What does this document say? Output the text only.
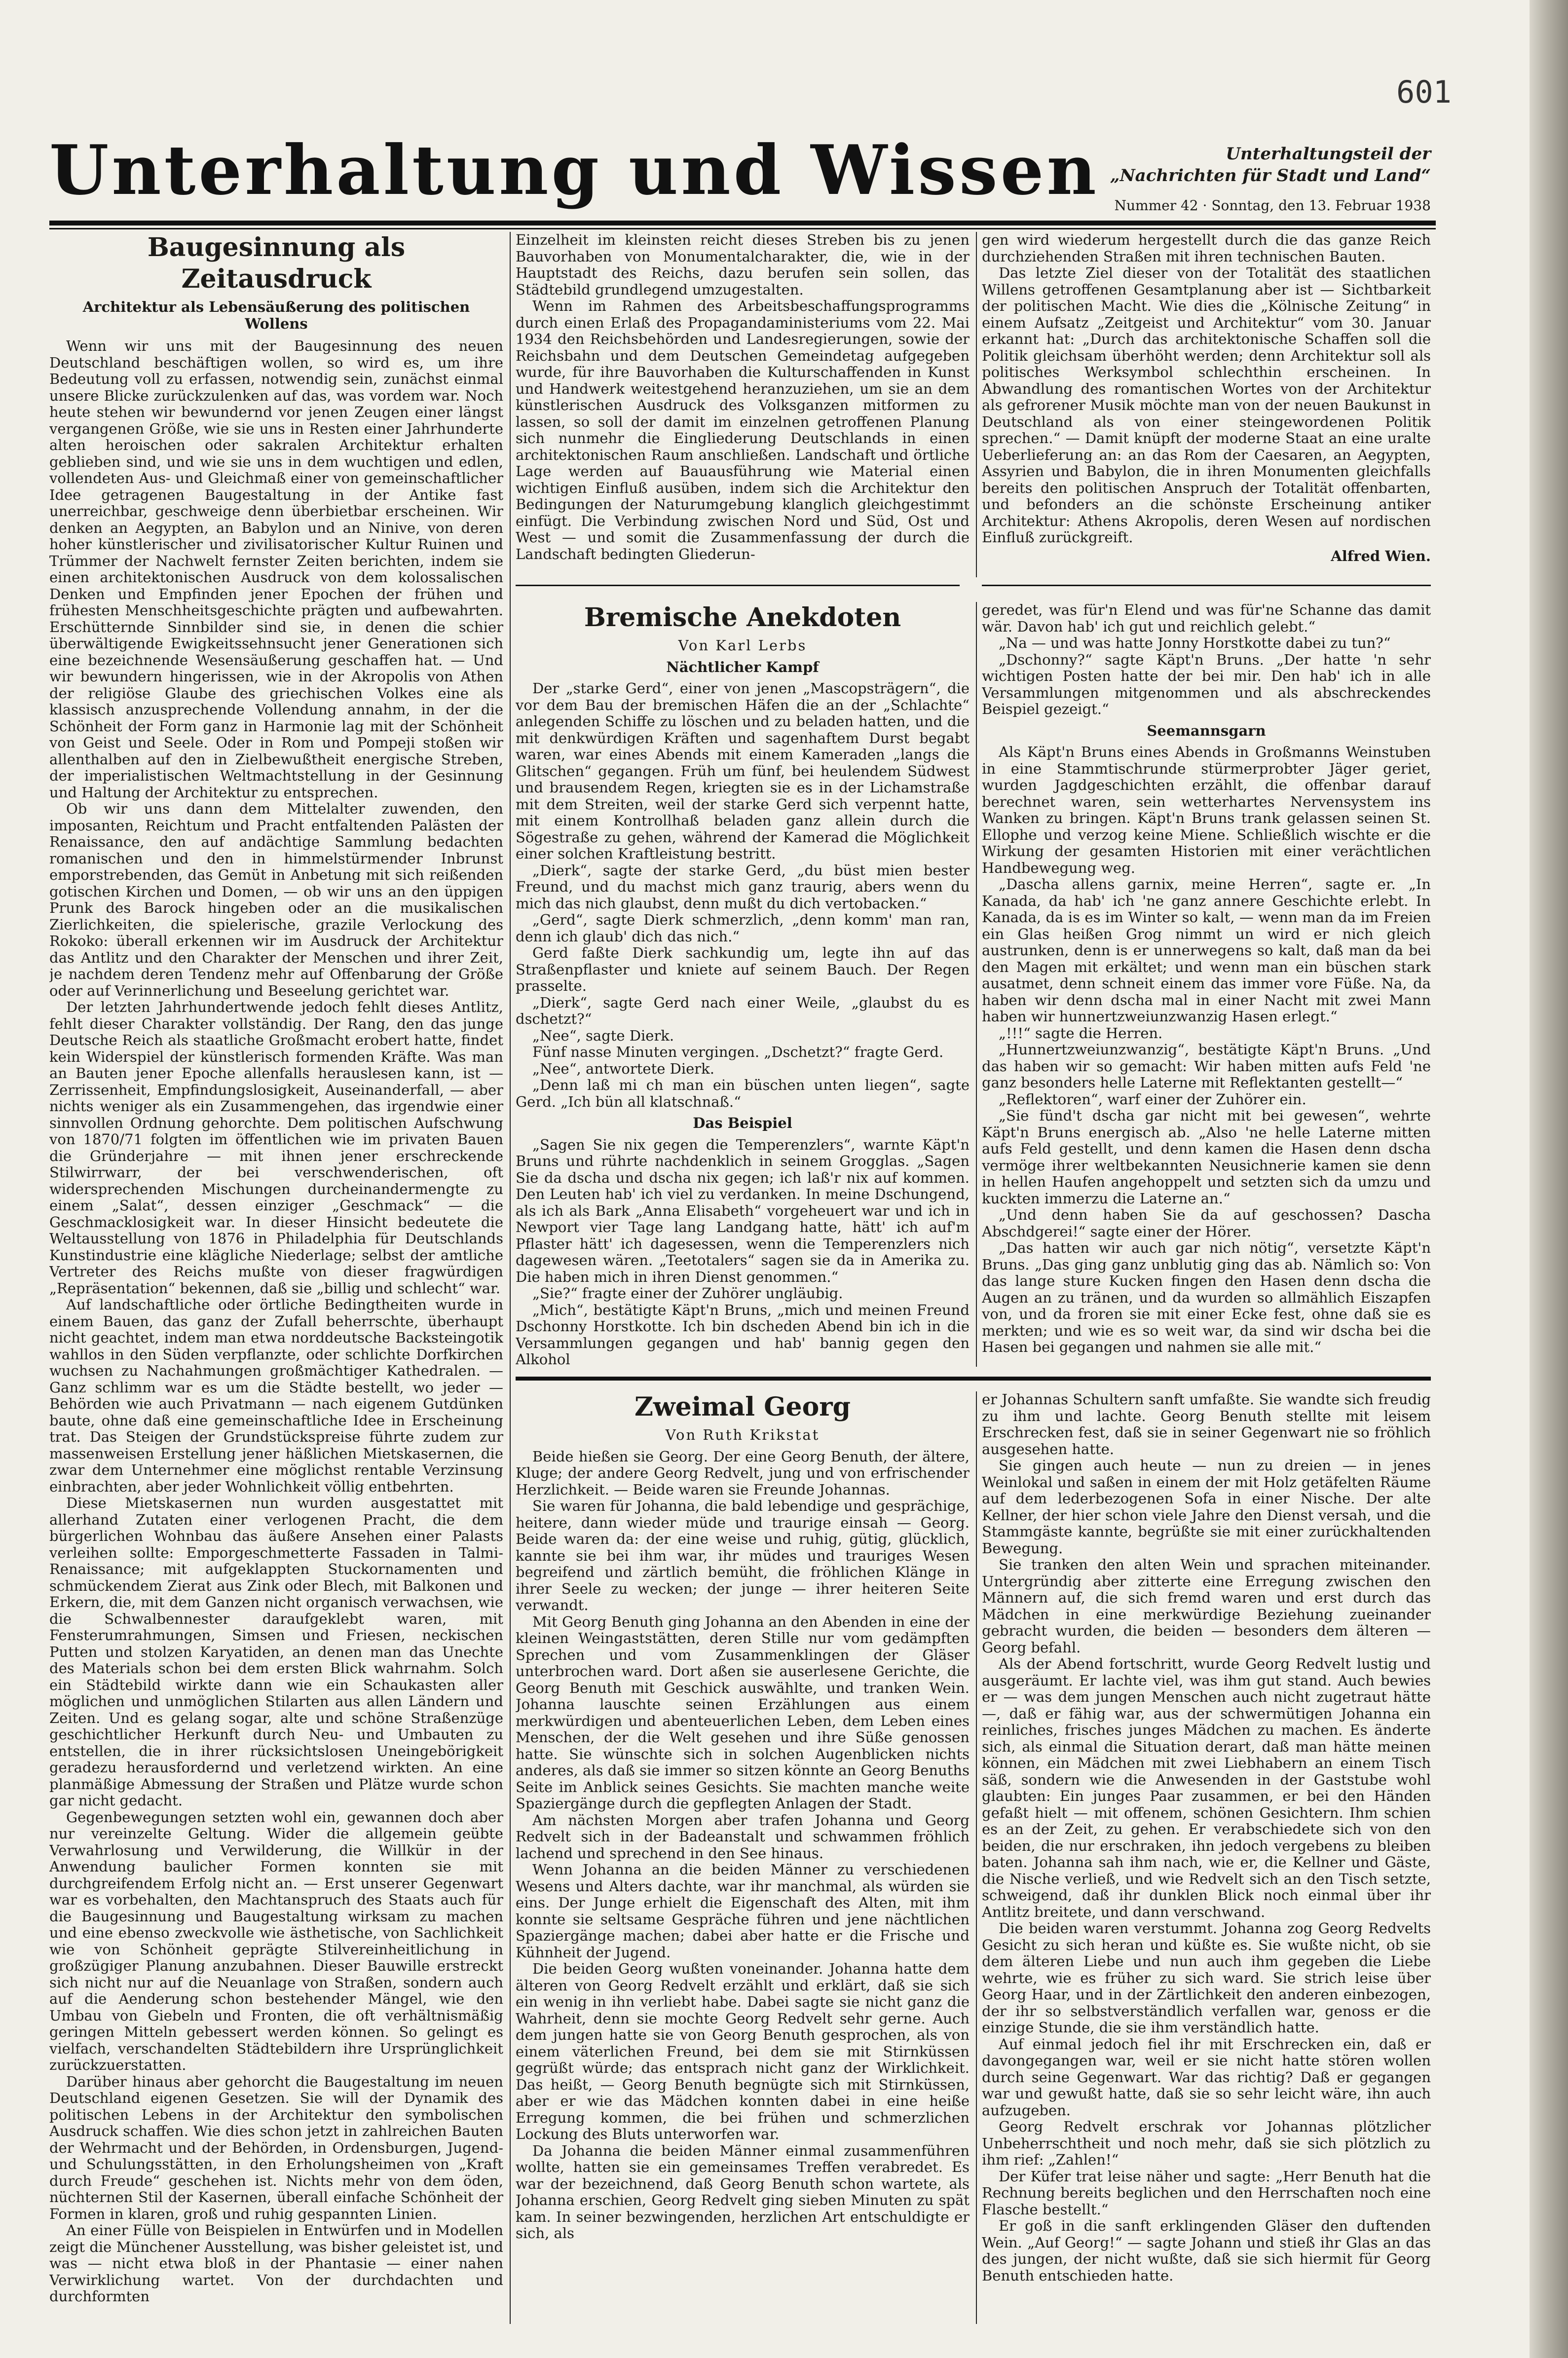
601
Unterhaltung und Wissen	Unterhaltungsteil der
„Nachrichten für Stadt und Land“
Nummer 42 · Sonntag, den 13. Februar 1938
Baugesinnung als Zeitausdruck
Architektur als Lebensäußerung des politischen Wollens

Wenn wir uns mit der Baugesinnung des neuen Deutschland beschäftigen wollen, so wird es, um ihre Bedeutung voll zu erfassen, notwendig sein, zunächst einmal unsere Blicke zurückzulenken auf das, was vordem war. Noch heute stehen wir bewundernd vor jenen Zeugen einer längst vergangenen Größe, wie sie uns in Resten einer Jahrhunderte alten heroischen oder sakralen Architektur erhalten geblieben sind, und wie sie uns in dem wuchtigen und edlen, vollendeten Aus- und Gleichmaß einer von gemeinschaftlicher Idee getragenen Baugestaltung in der Antike fast unerreichbar, geschweige denn überbietbar erscheinen. Wir denken an Aegypten, an Babylon und an Ninive, von deren hoher künstlerischer und zivilisatorischer Kultur Ruinen und Trümmer der Nachwelt fernster Zeiten berichten, indem sie einen architektonischen Ausdruck von dem kolossalischen Denken und Empfinden jener Epochen der frühen und frühesten Menschheitsgeschichte prägten und aufbewahrten. Erschütternde Sinnbilder sind sie, in denen die schier überwältigende Ewigkeitssehnsucht jener Generationen sich eine bezeichnende Wesensäußerung geschaffen hat. — Und wir bewundern hingerissen, wie in der Akropolis von Athen der religiöse Glaube des griechischen Volkes eine als klassisch anzusprechende Vollendung annahm, in der die Schönheit der Form ganz in Harmonie lag mit der Schönheit von Geist und Seele. Oder in Rom und Pompeji stoßen wir allenthalben auf den in Zielbewußtheit energische Streben, der imperialistischen Weltmachtstellung in der Gesinnung und Haltung der Architektur zu entsprechen.

Ob wir uns dann dem Mittelalter zuwenden, den imposanten, Reichtum und Pracht entfaltenden Palästen der Renaissance, den auf andächtige Sammlung bedachten romanischen und den in himmelstürmender Inbrunst emporstrebenden, das Gemüt in Anbetung mit sich reißenden gotischen Kirchen und Domen, — ob wir uns an den üppigen Prunk des Barock hingeben oder an die musikalischen Zierlichkeiten, die spielerische, grazile Verlockung des Rokoko: überall erkennen wir im Ausdruck der Architektur das Antlitz und den Charakter der Menschen und ihrer Zeit, je nachdem deren Tendenz mehr auf Offenbarung der Größe oder auf Verinnerlichung und Beseelung gerichtet war.

Der letzten Jahrhundertwende jedoch fehlt dieses Antlitz, fehlt dieser Charakter vollständig. Der Rang, den das junge Deutsche Reich als staatliche Großmacht erobert hatte, findet kein Widerspiel der künstlerisch formenden Kräfte. Was man an Bauten jener Epoche allenfalls herauslesen kann, ist — Zerrissenheit, Empfindungslosigkeit, Auseinanderfall, — aber nichts weniger als ein Zusammengehen, das irgendwie einer sinnvollen Ordnung gehorchte. Dem politischen Aufschwung von 1870/71 folgten im öffentlichen wie im privaten Bauen die Gründerjahre — mit ihnen jener erschreckende Stilwirrwarr, der bei verschwenderischen, oft widersprechenden Mischungen durcheinandermengte zu einem „Salat“, dessen einziger „Geschmack“ — die Geschmacklosigkeit war. In dieser Hinsicht bedeutete die Weltausstellung von 1876 in Philadelphia für Deutschlands Kunstindustrie eine klägliche Niederlage; selbst der amtliche Vertreter des Reichs mußte von dieser fragwürdigen „Repräsentation“ bekennen, daß sie „billig und schlecht“ war.

Auf landschaftliche oder örtliche Bedingtheiten wurde in einem Bauen, das ganz der Zufall beherrschte, überhaupt nicht geachtet, indem man etwa norddeutsche Backsteingotik wahllos in den Süden verpflanzte, oder schlichte Dorfkirchen wuchsen zu Nachahmungen großmächtiger Kathedralen. — Ganz schlimm war es um die Städte bestellt, wo jeder — Behörden wie auch Privatmann — nach eigenem Gutdünken baute, ohne daß eine gemeinschaftliche Idee in Erscheinung trat. Das Steigen der Grundstückspreise führte zudem zur massenweisen Erstellung jener häßlichen Mietskasernen, die zwar dem Unternehmer eine möglichst rentable Verzinsung einbrachten, aber jeder Wohnlichkeit völlig entbehrten.

Diese Mietskasernen nun wurden ausgestattet mit allerhand Zutaten einer verlogenen Pracht, die dem bürgerlichen Wohnbau das äußere Ansehen einer Palasts verleihen sollte: Emporgeschmetterte Fassaden in Talmi-Renaissance; mit aufgeklappten Stuckornamenten und schmückendem Zierat aus Zink oder Blech, mit Balkonen und Erkern, die, mit dem Ganzen nicht organisch verwachsen, wie die Schwalbennester daraufgeklebt waren, mit Fensterumrahmungen, Simsen und Friesen, neckischen Putten und stolzen Karyatiden, an denen man das Unechte des Materials schon bei dem ersten Blick wahrnahm. Solch ein Städtebild wirkte dann wie ein Schaukasten aller möglichen und unmöglichen Stilarten aus allen Ländern und Zeiten. Und es gelang sogar, alte und schöne Straßenzüge geschichtlicher Herkunft durch Neu- und Umbauten zu entstellen, die in ihrer rücksichtslosen Uneingebörigkeit geradezu herausfordernd und verletzend wirkten. An eine planmäßige Abmessung der Straßen und Plätze wurde schon gar nicht gedacht.

Gegenbewegungen setzten wohl ein, gewannen doch aber nur vereinzelte Geltung. Wider die allgemein geübte Verwahrlosung und Verwilderung, die Willkür in der Anwendung baulicher Formen konnten sie mit durchgreifendem Erfolg nicht an. — Erst unserer Gegenwart war es vorbehalten, den Machtanspruch des Staats auch für die Baugesinnung und Baugestaltung wirksam zu machen und eine ebenso zweckvolle wie ästhetische, von Sachlichkeit wie von Schönheit geprägte Stilvereinheitlichung in großzügiger Planung anzubahnen. Dieser Bauwille erstreckt sich nicht nur auf die Neuanlage von Straßen, sondern auch auf die Aenderung schon bestehender Mängel, wie den Umbau von Giebeln und Fronten, die oft verhältnismäßig geringen Mitteln gebessert werden können. So gelingt es vielfach, verschandelten Städtebildern ihre Ursprünglichkeit zurückzuerstatten.

Darüber hinaus aber gehorcht die Baugestaltung im neuen Deutschland eigenen Gesetzen. Sie will der Dynamik des politischen Lebens in der Architektur den symbolischen Ausdruck schaffen. Wie dies schon jetzt in zahlreichen Bauten der Wehrmacht und der Behörden, in Ordensburgen, Jugend- und Schulungsstätten, in den Erholungsheimen von „Kraft durch Freude“ geschehen ist. Nichts mehr von dem öden, nüchternen Stil der Kasernen, überall einfache Schönheit der Formen in klaren, groß und ruhig gespannten Linien.

An einer Fülle von Beispielen in Entwürfen und in Modellen zeigt die Münchener Ausstellung, was bisher geleistet ist, und was — nicht etwa bloß in der Phantasie — einer nahen Verwirklichung wartet. Von der durchdachten und durchformten

Einzelheit im kleinsten reicht dieses Streben bis zu jenen Bauvorhaben von Monumentalcharakter, die, wie in der Hauptstadt des Reichs, dazu berufen sein sollen, das Städtebild grundlegend umzugestalten.

Wenn im Rahmen des Arbeitsbeschaffungsprogramms durch einen Erlaß des Propagandaministeriums vom 22. Mai 1934 den Reichsbehörden und Landesregierungen, sowie der Reichsbahn und dem Deutschen Gemeindetag aufgegeben wurde, für ihre Bauvorhaben die Kulturschaffenden in Kunst und Handwerk weitestgehend heranzuziehen, um sie an dem künstlerischen Ausdruck des Volksganzen mitformen zu lassen, so soll der damit im einzelnen getroffenen Planung sich nunmehr die Eingliederung Deutschlands in einen architektonischen Raum anschließen. Landschaft und örtliche Lage werden auf Bauausführung wie Material einen wichtigen Einfluß ausüben, indem sich die Architektur den Bedingungen der Naturumgebung klanglich gleichgestimmt einfügt. Die Verbindung zwischen Nord und Süd, Ost und West — und somit die Zusammenfassung der durch die Landschaft bedingten Gliederun-

gen wird wiederum hergestellt durch die das ganze Reich durchziehenden Straßen mit ihren technischen Bauten.

Das letzte Ziel dieser von der Totalität des staatlichen Willens getroffenen Gesamtplanung aber ist — Sichtbarkeit der politischen Macht. Wie dies die „Kölnische Zeitung“ in einem Aufsatz „Zeitgeist und Architektur“ vom 30. Januar erkannt hat: „Durch das architektonische Schaffen soll die Politik gleichsam überhöht werden; denn Architektur soll als politisches Werksymbol schlechthin erscheinen. In Abwandlung des romantischen Wortes von der Architektur als gefrorener Musik möchte man von der neuen Baukunst in Deutschland als von einer steingewordenen Politik sprechen.“ — Damit knüpft der moderne Staat an eine uralte Ueberlieferung an: an das Rom der Caesaren, an Aegypten, Assyrien und Babylon, die in ihren Monumenten gleichfalls bereits den politischen Anspruch der Totalität offenbarten, und befonders an die schönste Erscheinung antiker Architektur: Athens Akropolis, deren Wesen auf nordischen Einfluß zurückgreift.

Alfred Wien.
Bremische Anekdoten
Von Karl Lerbs
Nächtlicher Kampf

Der „starke Gerd“, einer von jenen „Mascopsträgern“, die vor dem Bau der bremischen Häfen die an der „Schlachte“ anlegenden Schiffe zu löschen und zu beladen hatten, und die mit denkwürdigen Kräften und sagenhaftem Durst begabt waren, war eines Abends mit einem Kameraden „langs die Glitschen“ gegangen. Früh um fünf, bei heulendem Südwest und brausendem Regen, kriegten sie es in der Lichamstraße mit dem Streiten, weil der starke Gerd sich verpennt hatte, mit einem Kontrollhaß beladen ganz allein durch die Sögestraße zu gehen, während der Kamerad die Möglichkeit einer solchen Kraftleistung bestritt.

„Dierk“, sagte der starke Gerd, „du büst mien bester Freund, und du machst mich ganz traurig, abers wenn du mich das nich glaubst, denn mußt du dich vertobacken.“

„Gerd“, sagte Dierk schmerzlich, „denn komm' man ran, denn ich glaub' dich das nich.“

Gerd faßte Dierk sachkundig um, legte ihn auf das Straßenpflaster und kniete auf seinem Bauch. Der Regen prasselte.

„Dierk“, sagte Gerd nach einer Weile, „glaubst du es dschetzt?“

„Nee“, sagte Dierk.

Fünf nasse Minuten vergingen. „Dschetzt?“ fragte Gerd.

„Nee“, antwortete Dierk.

„Denn laß mi ch man ein büschen unten liegen“, sagte Gerd. „Ich bün all klatschnaß.“

Das Beispiel

„Sagen Sie nix gegen die Temperenzlers“, warnte Käpt'n Bruns und rührte nachdenklich in seinem Grogglas. „Sagen Sie da dscha und dscha nix gegen; ich laß'r nix auf kommen. Den Leuten hab' ich viel zu verdanken. In meine Dschungend, als ich als Bark „Anna Elisabeth“ vorgeheuert war und ich in Newport vier Tage lang Landgang hatte, hätt' ich auf'm Pflaster hätt' ich dagesessen, wenn die Temperenzlers nich dagewesen wären. „Teetotalers“ sagen sie da in Amerika zu. Die haben mich in ihren Dienst genommen.“

„Sie?“ fragte einer der Zuhörer ungläubig.

„Mich“, bestätigte Käpt'n Bruns, „mich und meinen Freund Dschonny Horstkotte. Ich bin dscheden Abend bin ich in die Versammlungen gegangen und hab' bannig gegen den Alkohol

geredet, was für'n Elend und was für'ne Schanne das damit wär. Davon hab' ich gut und reichlich gelebt.“

„Na — und was hatte Jonny Horstkotte dabei zu tun?“

„Dschonny?“ sagte Käpt'n Bruns. „Der hatte 'n sehr wichtigen Posten hatte der bei mir. Den hab' ich in alle Versammlungen mitgenommen und als abschreckendes Beispiel gezeigt.“

Seemannsgarn

Als Käpt'n Bruns eines Abends in Großmanns Weinstuben in eine Stammtischrunde stürmerprobter Jäger geriet, wurden Jagdgeschichten erzählt, die offenbar darauf berechnet waren, sein wetterhartes Nervensystem ins Wanken zu bringen. Käpt'n Bruns trank gelassen seinen St. Ellophe und verzog keine Miene. Schließlich wischte er die Wirkung der gesamten Historien mit einer verächtlichen Handbewegung weg.

„Dascha allens garnix, meine Herren“, sagte er. „In Kanada, da hab' ich 'ne ganz annere Geschichte erlebt. In Kanada, da is es im Winter so kalt, — wenn man da im Freien ein Glas heißen Grog nimmt un wird er nich gleich austrunken, denn is er unnerwegens so kalt, daß man da bei den Magen mit erkältet; und wenn man ein büschen stark ausatmet, denn schneit einem das immer vore Füße. Na, da haben wir denn dscha mal in einer Nacht mit zwei Mann haben wir hunnertzweiunzwanzig Hasen erlegt.“

„!!!“ sagte die Herren.

„Hunnertzweiunzwanzig“, bestätigte Käpt'n Bruns. „Und das haben wir so gemacht: Wir haben mitten aufs Feld 'ne ganz besonders helle Laterne mit Reflektanten gestellt—“

„Reflektoren“, warf einer der Zuhörer ein.

„Sie fünd't dscha gar nicht mit bei gewesen“, wehrte Käpt'n Bruns energisch ab. „Also 'ne helle Laterne mitten aufs Feld gestellt, und denn kamen die Hasen denn dscha vermöge ihrer weltbekannten Neusichnerie kamen sie denn in hellen Haufen angehoppelt und setzten sich da umzu und kuckten immerzu die Laterne an.“

„Und denn haben Sie da auf geschossen? Dascha Abschdgerei!“ sagte einer der Hörer.

„Das hatten wir auch gar nich nötig“, versetzte Käpt'n Bruns. „Das ging ganz unblutig ging das ab. Nämlich so: Von das lange sture Kucken fingen den Hasen denn dscha die Augen an zu tränen, und da wurden so allmählich Eiszapfen von, und da froren sie mit einer Ecke fest, ohne daß sie es merkten; und wie es so weit war, da sind wir dscha bei die Hasen bei gegangen und nahmen sie alle mit.“

Zweimal Georg
Von Ruth Krikstat

Beide hießen sie Georg. Der eine Georg Benuth, der ältere, Kluge; der andere Georg Redvelt, jung und von erfrischender Herzlichkeit. — Beide waren sie Freunde Johannas.

Sie waren für Johanna, die bald lebendige und gesprächige, heitere, dann wieder müde und traurige einsah — Georg. Beide waren da: der eine weise und ruhig, gütig, glücklich, kannte sie bei ihm war, ihr müdes und trauriges Wesen begreifend und zärtlich bemüht, die fröhlichen Klänge in ihrer Seele zu wecken; der junge — ihrer heiteren Seite verwandt.

Mit Georg Benuth ging Johanna an den Abenden in eine der kleinen Weingaststätten, deren Stille nur vom gedämpften Sprechen und vom Zusammenklingen der Gläser unterbrochen ward. Dort aßen sie auserlesene Gerichte, die Georg Benuth mit Geschick auswählte, und tranken Wein. Johanna lauschte seinen Erzählungen aus einem merkwürdigen und abenteuerlichen Leben, dem Leben eines Menschen, der die Welt gesehen und ihre Süße genossen hatte. Sie wünschte sich in solchen Augenblicken nichts anderes, als daß sie immer so sitzen könnte an Georg Benuths Seite im Anblick seines Gesichts. Sie machten manche weite Spaziergänge durch die gepflegten Anlagen der Stadt.

Am nächsten Morgen aber trafen Johanna und Georg Redvelt sich in der Badeanstalt und schwammen fröhlich lachend und sprechend in den See hinaus.

Wenn Johanna an die beiden Männer zu verschiedenen Wesens und Alters dachte, war ihr manchmal, als würden sie eins. Der Junge erhielt die Eigenschaft des Alten, mit ihm konnte sie seltsame Gespräche führen und jene nächtlichen Spaziergänge machen; dabei aber hatte er die Frische und Kühnheit der Jugend.

Die beiden Georg wußten voneinander. Johanna hatte dem älteren von Georg Redvelt erzählt und erklärt, daß sie sich ein wenig in ihn verliebt habe. Dabei sagte sie nicht ganz die Wahrheit, denn sie mochte Georg Redvelt sehr gerne. Auch dem jungen hatte sie von Georg Benuth gesprochen, als von einem väterlichen Freund, bei dem sie mit Stirnküssen gegrüßt würde; das entsprach nicht ganz der Wirklichkeit. Das heißt, — Georg Benuth begnügte sich mit Stirnküssen, aber er wie das Mädchen konnten dabei in eine heiße Erregung kommen, die bei frühen und schmerzlichen Lockung des Bluts unterworfen war.

Da Johanna die beiden Männer einmal zusammenführen wollte, hatten sie ein gemeinsames Treffen verabredet. Es war der bezeichnend, daß Georg Benuth schon wartete, als Johanna erschien, Georg Redvelt ging sieben Minuten zu spät kam. In seiner bezwingenden, herzlichen Art entschuldigte er sich, als

er Johannas Schultern sanft umfaßte. Sie wandte sich freudig zu ihm und lachte. Georg Benuth stellte mit leisem Erschrecken fest, daß sie in seiner Gegenwart nie so fröhlich ausgesehen hatte.

Sie gingen auch heute — nun zu dreien — in jenes Weinlokal und saßen in einem der mit Holz getäfelten Räume auf dem lederbezogenen Sofa in einer Nische. Der alte Kellner, der hier schon viele Jahre den Dienst versah, und die Stammgäste kannte, begrüßte sie mit einer zurückhaltenden Bewegung.

Sie tranken den alten Wein und sprachen miteinander. Untergründig aber zitterte eine Erregung zwischen den Männern auf, die sich fremd waren und erst durch das Mädchen in eine merkwürdige Beziehung zueinander gebracht wurden, die beiden — besonders dem älteren — Georg befahl.

Als der Abend fortschritt, wurde Georg Redvelt lustig und ausgeräumt. Er lachte viel, was ihm gut stand. Auch bewies er — was dem jungen Menschen auch nicht zugetraut hätte —, daß er fähig war, aus der schwermütigen Johanna ein reinliches, frisches junges Mädchen zu machen. Es änderte sich, als einmal die Situation derart, daß man hätte meinen können, ein Mädchen mit zwei Liebhabern an einem Tisch säß, sondern wie die Anwesenden in der Gaststube wohl glaubten: Ein junges Paar zusammen, er bei den Händen gefaßt hielt — mit offenem, schönen Gesichtern. Ihm schien es an der Zeit, zu gehen. Er verabschiedete sich von den beiden, die nur erschraken, ihn jedoch vergebens zu bleiben baten. Johanna sah ihm nach, wie er, die Kellner und Gäste, die Nische verließ, und wie Redvelt sich an den Tisch setzte, schweigend, daß ihr dunklen Blick noch einmal über ihr Antlitz breitete, und dann verschwand.

Die beiden waren verstummt. Johanna zog Georg Redvelts Gesicht zu sich heran und küßte es. Sie wußte nicht, ob sie dem älteren Liebe und nun auch ihm gegeben die Liebe wehrte, wie es früher zu sich ward. Sie strich leise über Georg Haar, und in der Zärtlichkeit den anderen einbezogen, der ihr so selbstverständlich verfallen war, genoss er die einzige Stunde, die sie ihm verständlich hatte.

Auf einmal jedoch fiel ihr mit Erschrecken ein, daß er davongegangen war, weil er sie nicht hatte stören wollen durch seine Gegenwart. War das richtig? Daß er gegangen war und gewußt hatte, daß sie so sehr leicht wäre, ihn auch aufzugeben.

Georg Redvelt erschrak vor Johannas plötzlicher Unbeherrschtheit und noch mehr, daß sie sich plötzlich zu ihm rief: „Zahlen!“

Der Küfer trat leise näher und sagte: „Herr Benuth hat die Rechnung bereits beglichen und den Herrschaften noch eine Flasche bestellt.“

Er goß in die sanft erklingenden Gläser den duftenden Wein. „Auf Georg!“ — sagte Johann und stieß ihr Glas an das des jungen, der nicht wußte, daß sie sich hiermit für Georg Benuth entschieden hatte.
